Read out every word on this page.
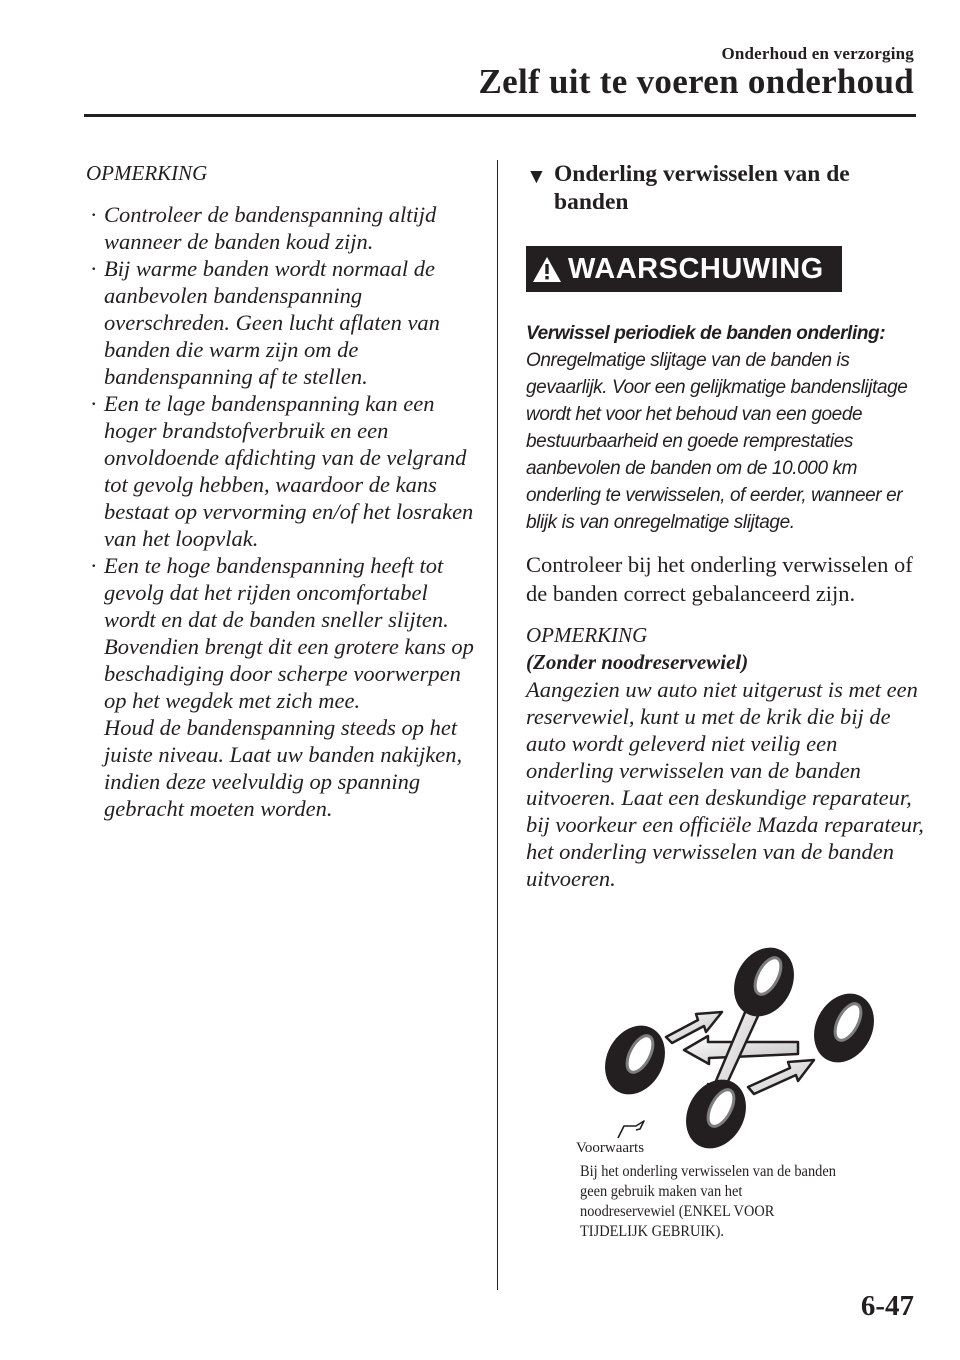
Onderhoud en verzorging
Zelf uit te voeren onderhoud

OPMERKING

· Controleer de bandenspanning altijd wanneer de banden koud zijn.

· Bij warme banden wordt normaal de aanbevolen bandenspanning overschreden. Geen lucht aflaten van banden die warm zijn om de bandenspanning af te stellen.

· Een te lage bandenspanning kan een hoger brandstofverbruik en een onvoldoende afdichting van de velgrand tot gevolg hebben, waardoor de kans bestaat op vervorming en/of het losraken van het loopvlak.

· Een te hoge bandenspanning heeft tot gevolg dat het rijden oncomfortabel wordt en dat de banden sneller slijten. Bovendien brengt dit een grotere kans op beschadiging door scherpe voorwerpen op het wegdek met zich mee.

Houd de bandenspanning steeds op het juiste niveau. Laat uw banden nakijken, indien deze veelvuldig op spanning gebracht moeten worden.

▼ Onderling verwisselen van de banden
WAARSCHUWING

Verwissel periodiek de banden onderling: Onregelmatige slijtage van de banden is gevaarlijk. Voor een gelijkmatige bandenslijtage wordt het voor het behoud van een goede bestuurbaarheid en goede remprestaties aanbevolen de banden om de 10.000 km onderling te verwisselen, of eerder, wanneer er blijk is van onregelmatige slijtage.

Controleer bij het onderling verwisselen of de banden correct gebalanceerd zijn.

OPMERKING

(Zonder noodreservewiel)

Aangezien uw auto niet uitgerust is met een reservewiel, kunt u met de krik die bij de auto wordt geleverd niet veilig een onderling verwisselen van de banden uitvoeren. Laat een deskundige reparateur, bij voorkeur een officiële Mazda reparateur, het onderling verwisselen van de banden uitvoeren.

Voorwaarts
Bij het onderling verwisselen van de banden geen gebruik maken van het noodreservewiel (ENKEL VOOR TIJDELIJK GEBRUIK).
6-47
